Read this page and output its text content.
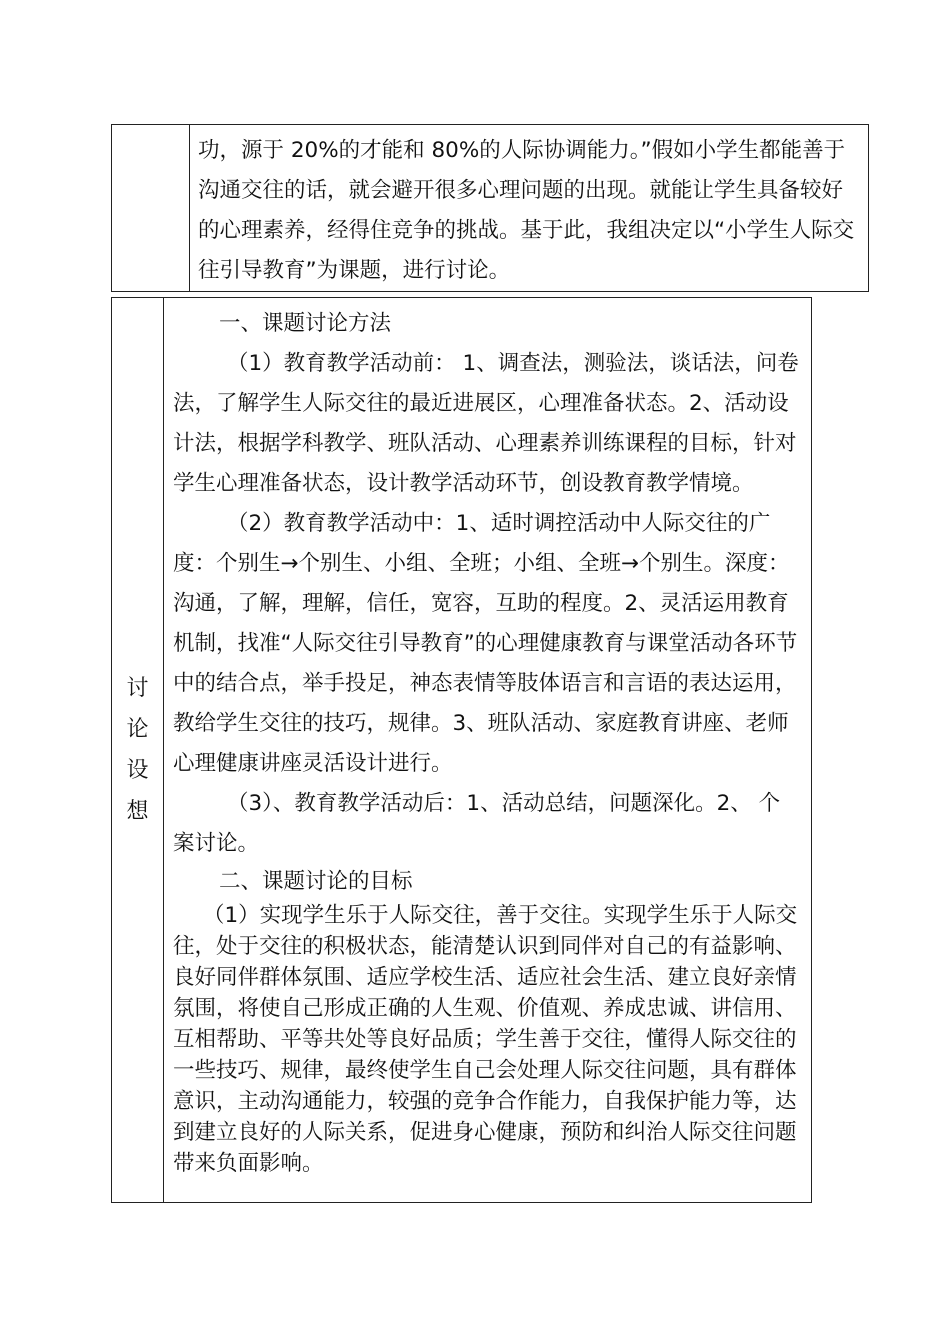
功，源于 20%的才能和 80%的人际协调能力。”假如小学生都能善于沟通交往的话，就会避开很多心理问题的出现。就能让学生具备较好的心理素养，经得住竞争的挑战。基于此，我组决定以“小学生人际交往引导教育”为课题，进行讨论。

讨
论
设
想

一、课题讨论方法

（1）教育教学活动前： 1、调查法，测验法，谈话法，问卷法，了解学生人际交往的最近进展区，心理准备状态。2、活动设计法，根据学科教学、班队活动、心理素养训练课程的目标，针对学生心理准备状态，设计教学活动环节，创设教育教学情境。

（2）教育教学活动中：1、适时调控活动中人际交往的广度：个别生→个别生、小组、全班；小组、全班→个别生。深度：沟通，了解，理解，信任，宽容，互助的程度。2、灵活运用教育机制，找准“人际交往引导教育”的心理健康教育与课堂活动各环节中的结合点，举手投足，神态表情等肢体语言和言语的表达运用，教给学生交往的技巧，规律。3、班队活动、家庭教育讲座、老师心理健康讲座灵活设计进行。

（3）、教育教学活动后：1、活动总结，问题深化。2、 个案讨论。

二、课题讨论的目标

（1）实现学生乐于人际交往，善于交往。实现学生乐于人际交往，处于交往的积极状态，能清楚认识到同伴对自己的有益影响、良好同伴群体氛围、适应学校生活、适应社会生活、建立良好亲情氛围，将使自己形成正确的人生观、价值观、养成忠诚、讲信用、互相帮助、平等共处等良好品质；学生善于交往，懂得人际交往的一些技巧、规律，最终使学生自己会处理人际交往问题，具有群体意识，主动沟通能力，较强的竞争合作能力，自我保护能力等，达到建立良好的人际关系，促进身心健康，预防和纠治人际交往问题带来负面影响。
